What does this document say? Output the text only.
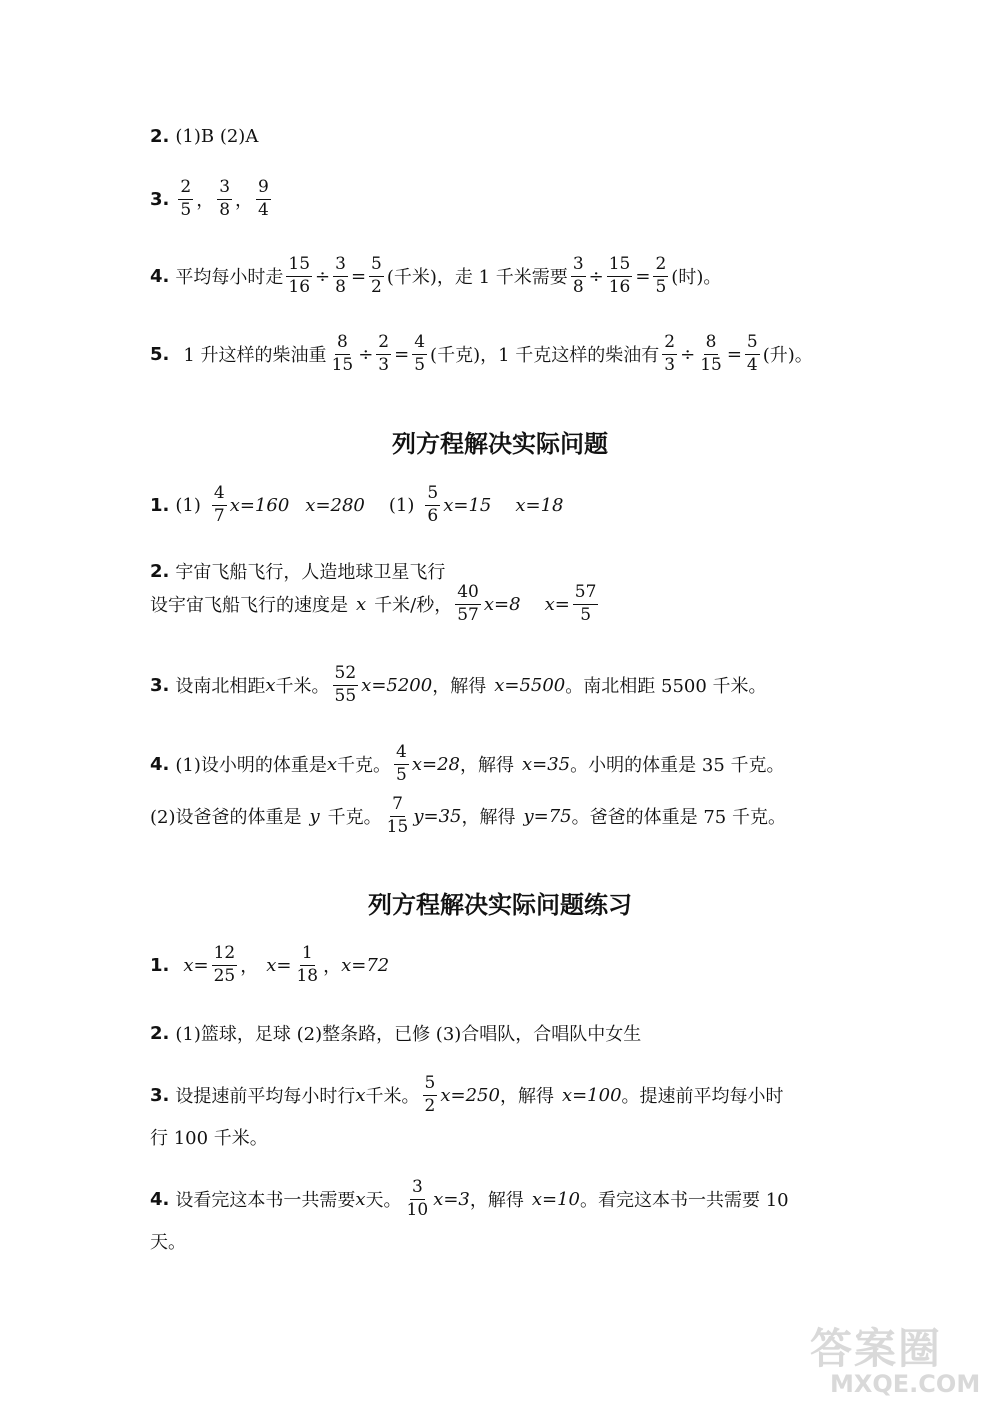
2. (1)B (2)A
3. $\frac{2}{5}$ ， $\frac{3}{8}$ ， $\frac{9}{4}$
4. 平均每小时走 $\frac{15}{16} \div \frac{3}{8} = \frac{5}{2}$ (千米)，走 1 千米需要 $\frac{3}{8} \div \frac{15}{16} = \frac{2}{5}$ (时)。
5. 1 升这样的柴油重 $\frac{8}{15} \div \frac{2}{3} = \frac{4}{5}$ (千克)，1 千克这样的柴油有 $\frac{2}{3} \div \frac{8}{15} = \frac{5}{4}$ (升)。
列方程解决实际问题
1. $(1) \frac{4}{7} x=160$ x=280 $(1) \frac{5}{6} x=15$ x=18
2. 宇宙飞船飞行，人造地球卫星飞行
设宇宙飞船飞行的速度是 x 千米/秒， $\frac{40}{57} x=8$ $x= \frac{57}{5}$
3. 设南北相距 x 千米。 $\frac{52}{55} x=5200$ ，解得 x=5500 。南北相距 5500 千米。
4. (1)设小明的体重是 x 千克。 $\frac{4}{5} x=28$ ，解得 x=35 。小明的体重是 35 千克。
(2)设爸爸的体重是 y 千克。 $\frac{7}{15} y=35$ ，解得 y=75 。爸爸的体重是 75 千克。
列方程解决实际问题练习
1. $x= \frac{12}{25}$ ， $x= \frac{1}{18}$ ， x=72
2. (1)篮球，足球 (2)整条路，已修 (3)合唱队，合唱队中女生
3. 设提速前平均每小时行 x 千米。 $\frac{5}{2} x=250$ ，解得 x=100 。提速前平均每小时
行 100 千米。
4. 设看完这本书一共需要 x 天。 $\frac{3}{10} x=3$ ，解得 x=10 。看完这本书一共需要 10
天。
答案圈
MXQE.COM
